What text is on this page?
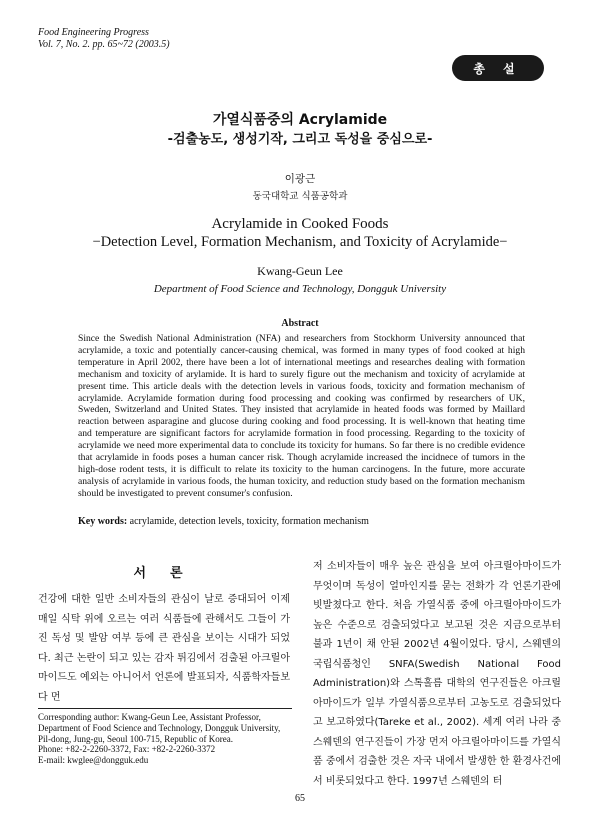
Food Engineering Progress
Vol. 7, No. 2. pp. 65~72 (2003.5)
총설
가열식품중의 Acrylamide
-검출농도, 생성기작, 그리고 독성을 중심으로-
이광근
동국대학교 식품공학과
Acrylamide in Cooked Foods
−Detection Level, Formation Mechanism, and Toxicity of Acrylamide−
Kwang-Geun Lee
Department of Food Science and Technology, Dongguk University
Abstract

Since the Swedish National Administration (NFA) and researchers from Stockhorm University announced that acrylamide, a toxic and potentially cancer-causing chemical, was formed in many types of food cooked at high temperature in April 2002, there have been a lot of international meetings and researches dealing with formation mechanism and toxicity of arylamide. It is hard to surely figure out the mechanism and toxicity of acrylamide at present time. This article deals with the detection levels in various foods, toxicity and formation mechanism of acrylamide. Acrylamide formation during food processing and cooking was confirmed by researchers of UK, Sweden, Switzerland and United States. They insisted that acrylamide in heated foods was formed by Maillard reaction between asparagine and glucose during cooking and food processing. It is well-known that heating time and temperature are significant factors for acrylamide formation in food processing. Regarding to the toxicity of acrylamide we need more experimental data to conclude its toxicity for humans. So far there is no credible evidence that acrylamide in foods poses a human cancer risk. Though acrylamide increased the incidnece of tumors in the high-dose rodent tests, it is difficult to relate its toxicity to the human carcinogens. In the future, more accurate analysis of acrylamide in various foods, the human toxicity, and reduction study based on the formation mechanism should be investigated to prevent consumer's confusion.

Key words: acrylamide, detection levels, toxicity, formation mechanism
서론

건강에 대한 일반 소비자들의 관심이 날로 증대되어 이제 매일 식탁 위에 오르는 여러 식품들에 관해서도 그들이 가진 독성 및 발암 여부 등에 큰 관심을 보이는 시대가 되었다. 최근 논란이 되고 있는 감자 튀김에서 검출된 아크릴아마이드도 예외는 아니어서 언론에 발표되자, 식품학자들보다 먼

Corresponding author: Kwang-Geun Lee, Assistant Professor, Department of Food Science and Technology, Dongguk University, Pil-dong, Jung-gu, Seoul 100-715, Republic of Korea.
Phone: +82-2-2260-3372, Fax: +82-2-2260-3372
E-mail: kwglee@dongguk.edu

저 소비자들이 매우 높은 관심을 보여 아크릴아마이드가 무엇이며 독성이 얼마인지를 묻는 전화가 각 언론기관에 빗발쳤다고 한다. 처음 가열식품 중에 아크릴아마이드가 높은 수준으로 검출되었다고 보고된 것은 지금으로부터 불과 1년이 채 안된 2002년 4월이었다. 당시, 스웨덴의 국립식품청인 SNFA(Swedish National Food Administration)와 스톡홀름 대학의 연구진들은 아크릴아마이드가 일부 가열식품으로부터 고농도로 검출되었다고 보고하였다(Tareke et al., 2002). 세계 여러 나라 중 스웨덴의 연구진들이 가장 먼저 아크릴아마이드를 가열식품 중에서 검출한 것은 자국 내에서 발생한 한 환경사건에서 비롯되었다고 한다. 1997년 스웨덴의 터

65
